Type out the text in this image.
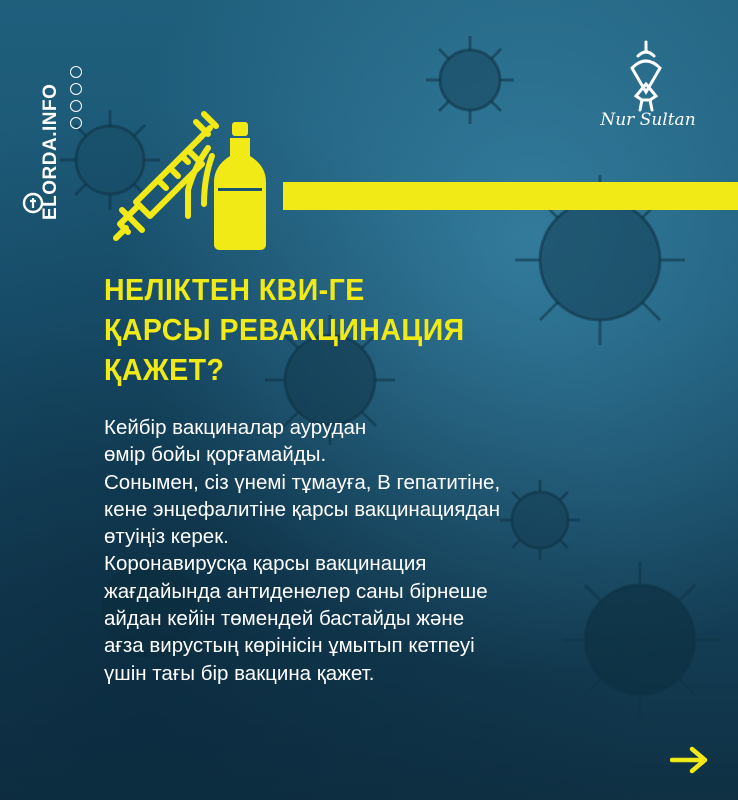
ELORDA.INFO	Nur Sultan
НЕЛІКТЕН КВИ-ГЕ
ҚАРСЫ РЕВАКЦИНАЦИЯ
ҚАЖЕТ?
Кейбір вакциналар аурудан
өмір бойы қорғамайды.
Сонымен, сіз үнемі тұмауға, В гепатитіне,
кене энцефалитіне қарсы вакцинациядан
өтуіңіз керек.
Коронавирусқа қарсы вакцинация
жағдайында антиденелер саны бірнеше
айдан кейін төмендей бастайды және
ағза вирустың көрінісін ұмытып кетпеуі
үшін тағы бір вакцина қажет.
